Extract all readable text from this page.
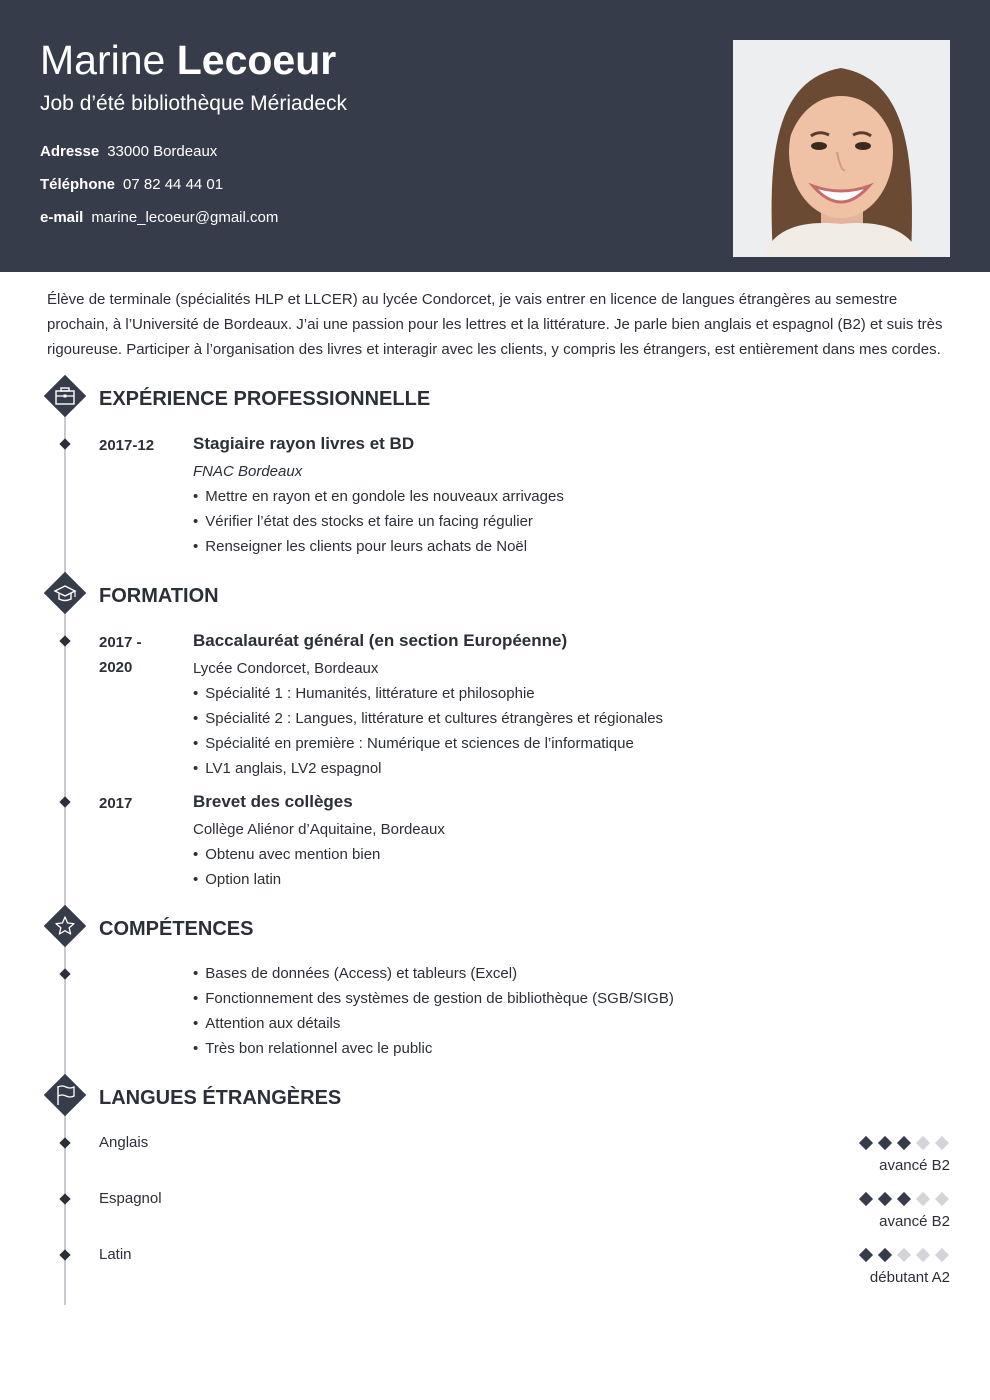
Marine Lecoeur
Job d’été bibliothèque Mériadeck
Adresse 33000 Bordeaux
Téléphone 07 82 44 44 01
e-mail marine_lecoeur@gmail.com
Élève de terminale (spécialités HLP et LLCER) au lycée Condorcet, je vais entrer en licence de langues étrangères au semestre prochain, à l’Université de Bordeaux. J’ai une passion pour les lettres et la littérature. Je parle bien anglais et espagnol (B2) et suis très rigoureuse. Participer à l’organisation des livres et interagir avec les clients, y compris les étrangers, est entièrement dans mes cordes.
EXPÉRIENCE PROFESSIONNELLE
2017-12 Stagiaire rayon livres et BD
FNAC Bordeaux
• Mettre en rayon et en gondole les nouveaux arrivages
• Vérifier l’état des stocks et faire un facing régulier
• Renseigner les clients pour leurs achats de Noël
FORMATION
2017 -
2020
Baccalauréat général (en section Européenne)
Lycée Condorcet, Bordeaux
• Spécialité 1 : Humanités, littérature et philosophie
• Spécialité 2 : Langues, littérature et cultures étrangères et régionales
• Spécialité en première : Numérique et sciences de l’informatique
• LV1 anglais, LV2 espagnol
2017	Brevet des collèges
Collège Aliénor d’Aquitaine, Bordeaux
• Obtenu avec mention bien
• Option latin
COMPÉTENCES
• Bases de données (Access) et tableurs (Excel)
• Fonctionnement des systèmes de gestion de bibliothèque (SGB/SIGB)
• Attention aux détails
• Très bon relationnel avec le public
LANGUES ÉTRANGÈRES
Anglais
avancé B2
Espagnol
avancé B2
Latin
débutant A2
